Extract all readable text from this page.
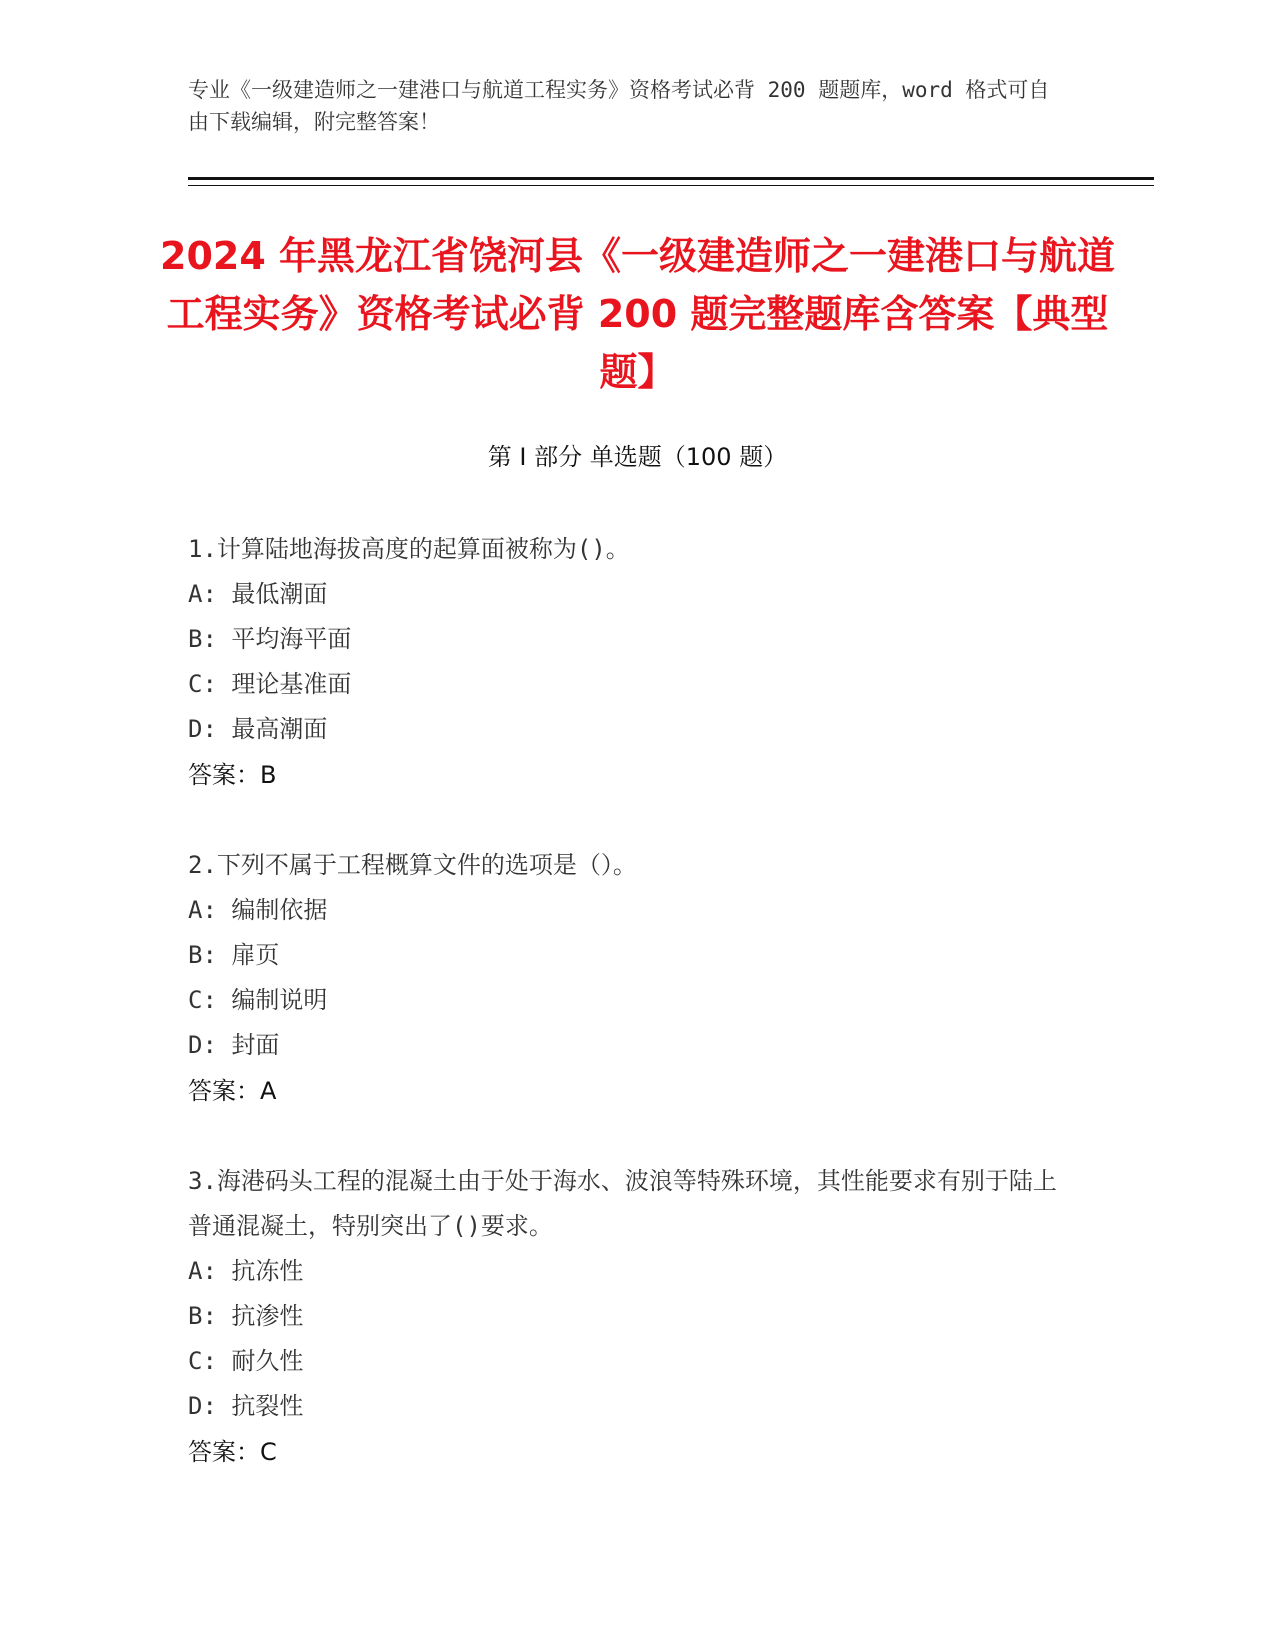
专业《一级建造师之一建港口与航道工程实务》资格考试必背 200 题题库，word 格式可自由下载编辑，附完整答案！
2024 年黑龙江省饶河县《一级建造师之一建港口与航道工程实务》资格考试必背 200 题完整题库含答案【典型题】
第 I 部分 单选题（100 题）
1.计算陆地海拔高度的起算面被称为()。
A: 最低潮面
B: 平均海平面
C: 理论基准面
D: 最高潮面
答案：B
2.下列不属于工程概算文件的选项是（）。
A: 编制依据
B: 扉页
C: 编制说明
D: 封面
答案：A
3.海港码头工程的混凝土由于处于海水、波浪等特殊环境，其性能要求有别于陆上普通混凝土，特别突出了()要求。
A: 抗冻性
B: 抗渗性
C: 耐久性
D: 抗裂性
答案：C
